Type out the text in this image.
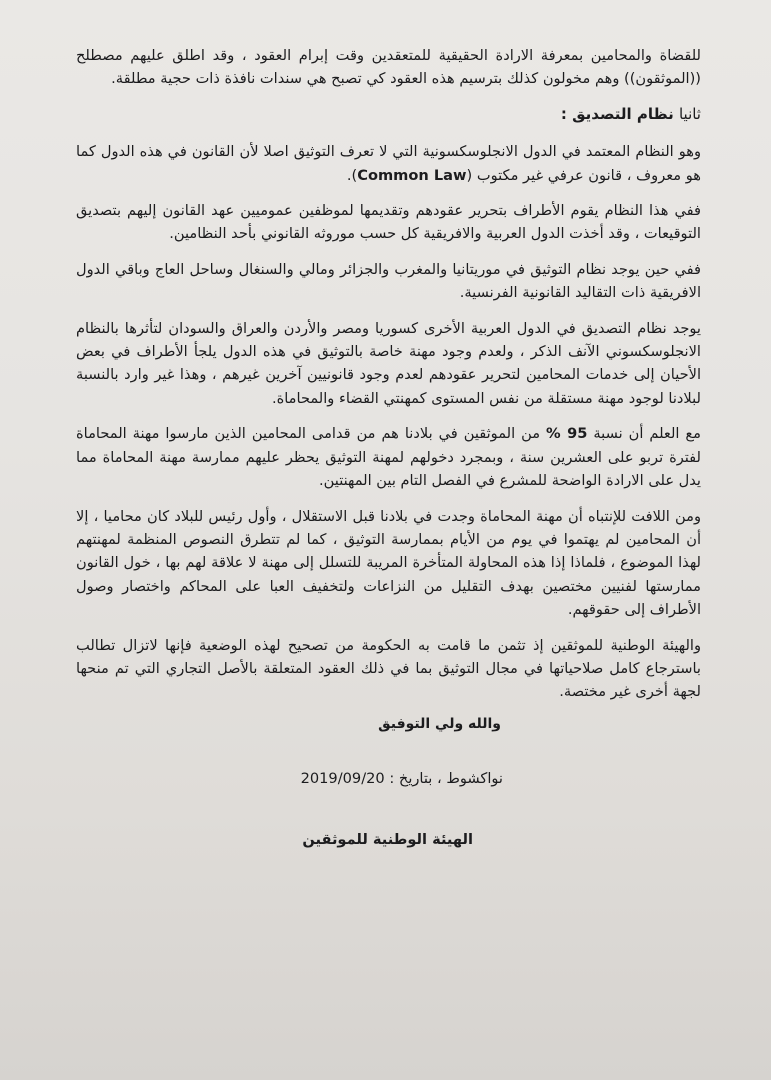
للقضاة والمحامين بمعرفة الارادة الحقيقية للمتعقدين وقت إبرام العقود ، وقد اطلق عليهم مصطلح ((الموثقون)) وهم مخولون كذلك بترسيم هذه العقود كي تصبح هي سندات نافذة ذات حجية مطلقة.

ثانيا نظام التصديق :

وهو النظام المعتمد في الدول الانجلوسكسونية التي لا تعرف التوثيق اصلا لأن القانون في هذه الدول كما هو معروف ، قانون عرفي غير مكتوب (Common Law).

ففي هذا النظام يقوم الأطراف بتحرير عقودهم وتقديمها لموظفين عموميين عهد القانون إليهم بتصديق التوقيعات ، وقد أخذت الدول العربية والافريقية كل حسب موروثه القانوني بأحد النظامين.

ففي حين يوجد نظام التوثيق في موريتانيا والمغرب والجزائر ومالي والسنغال وساحل العاج وباقي الدول الافريقية ذات التقاليد القانونية الفرنسية.

يوجد نظام التصديق في الدول العربية الأخرى كسوريا ومصر والأردن والعراق والسودان لتأثرها بالنظام الانجلوسكسوني الآنف الذكر ، ولعدم وجود مهنة خاصة بالتوثيق في هذه الدول يلجأ الأطراف في بعض الأحيان إلى خدمات المحامين لتحرير عقودهم لعدم وجود قانونيين آخرين غيرهم ، وهذا غير وارد بالنسبة لبلادنا لوجود مهنة مستقلة من نفس المستوى كمهنتي القضاء والمحاماة.

مع العلم أن نسبة 95 % من الموثقين في بلادنا هم من قدامى المحامين الذين مارسوا مهنة المحاماة لفترة تربو على العشرين سنة ، وبمجرد دخولهم لمهنة التوثيق يحظر عليهم ممارسة مهنة المحاماة مما يدل على الارادة الواضحة للمشرع في الفصل التام بين المهنتين.

ومن اللافت للإنتباه أن مهنة المحاماة وجدت في بلادنا قبل الاستقلال ، وأول رئيس للبلاد كان محاميا ، إلا أن المحامين لم يهتموا في يوم من الأيام بممارسة التوثيق ، كما لم تتطرق النصوص المنظمة لمهنتهم لهذا الموضوع ، فلماذا إذا هذه المحاولة المتأخرة المريبة للتسلل إلى مهنة لا علاقة لهم بها ، خول القانون ممارستها لفنيين مختصين بهدف التقليل من النزاعات ولتخفيف العبا على المحاكم واختصار وصول الأطراف إلى حقوقهم.

والهيئة الوطنية للموثقين إذ تثمن ما قامت به الحكومة من تصحيح لهذه الوضعية فإنها لاتزال تطالب باسترجاع كامل صلاحياتها في مجال التوثيق بما في ذلك العقود المتعلقة بالأصل التجاري التي تم منحها لجهة أخرى غير مختصة.

والله ولي التوفيق

نواكشوط ، بتاريخ : 2019/09/20

الهيئة الوطنية للموثقين
